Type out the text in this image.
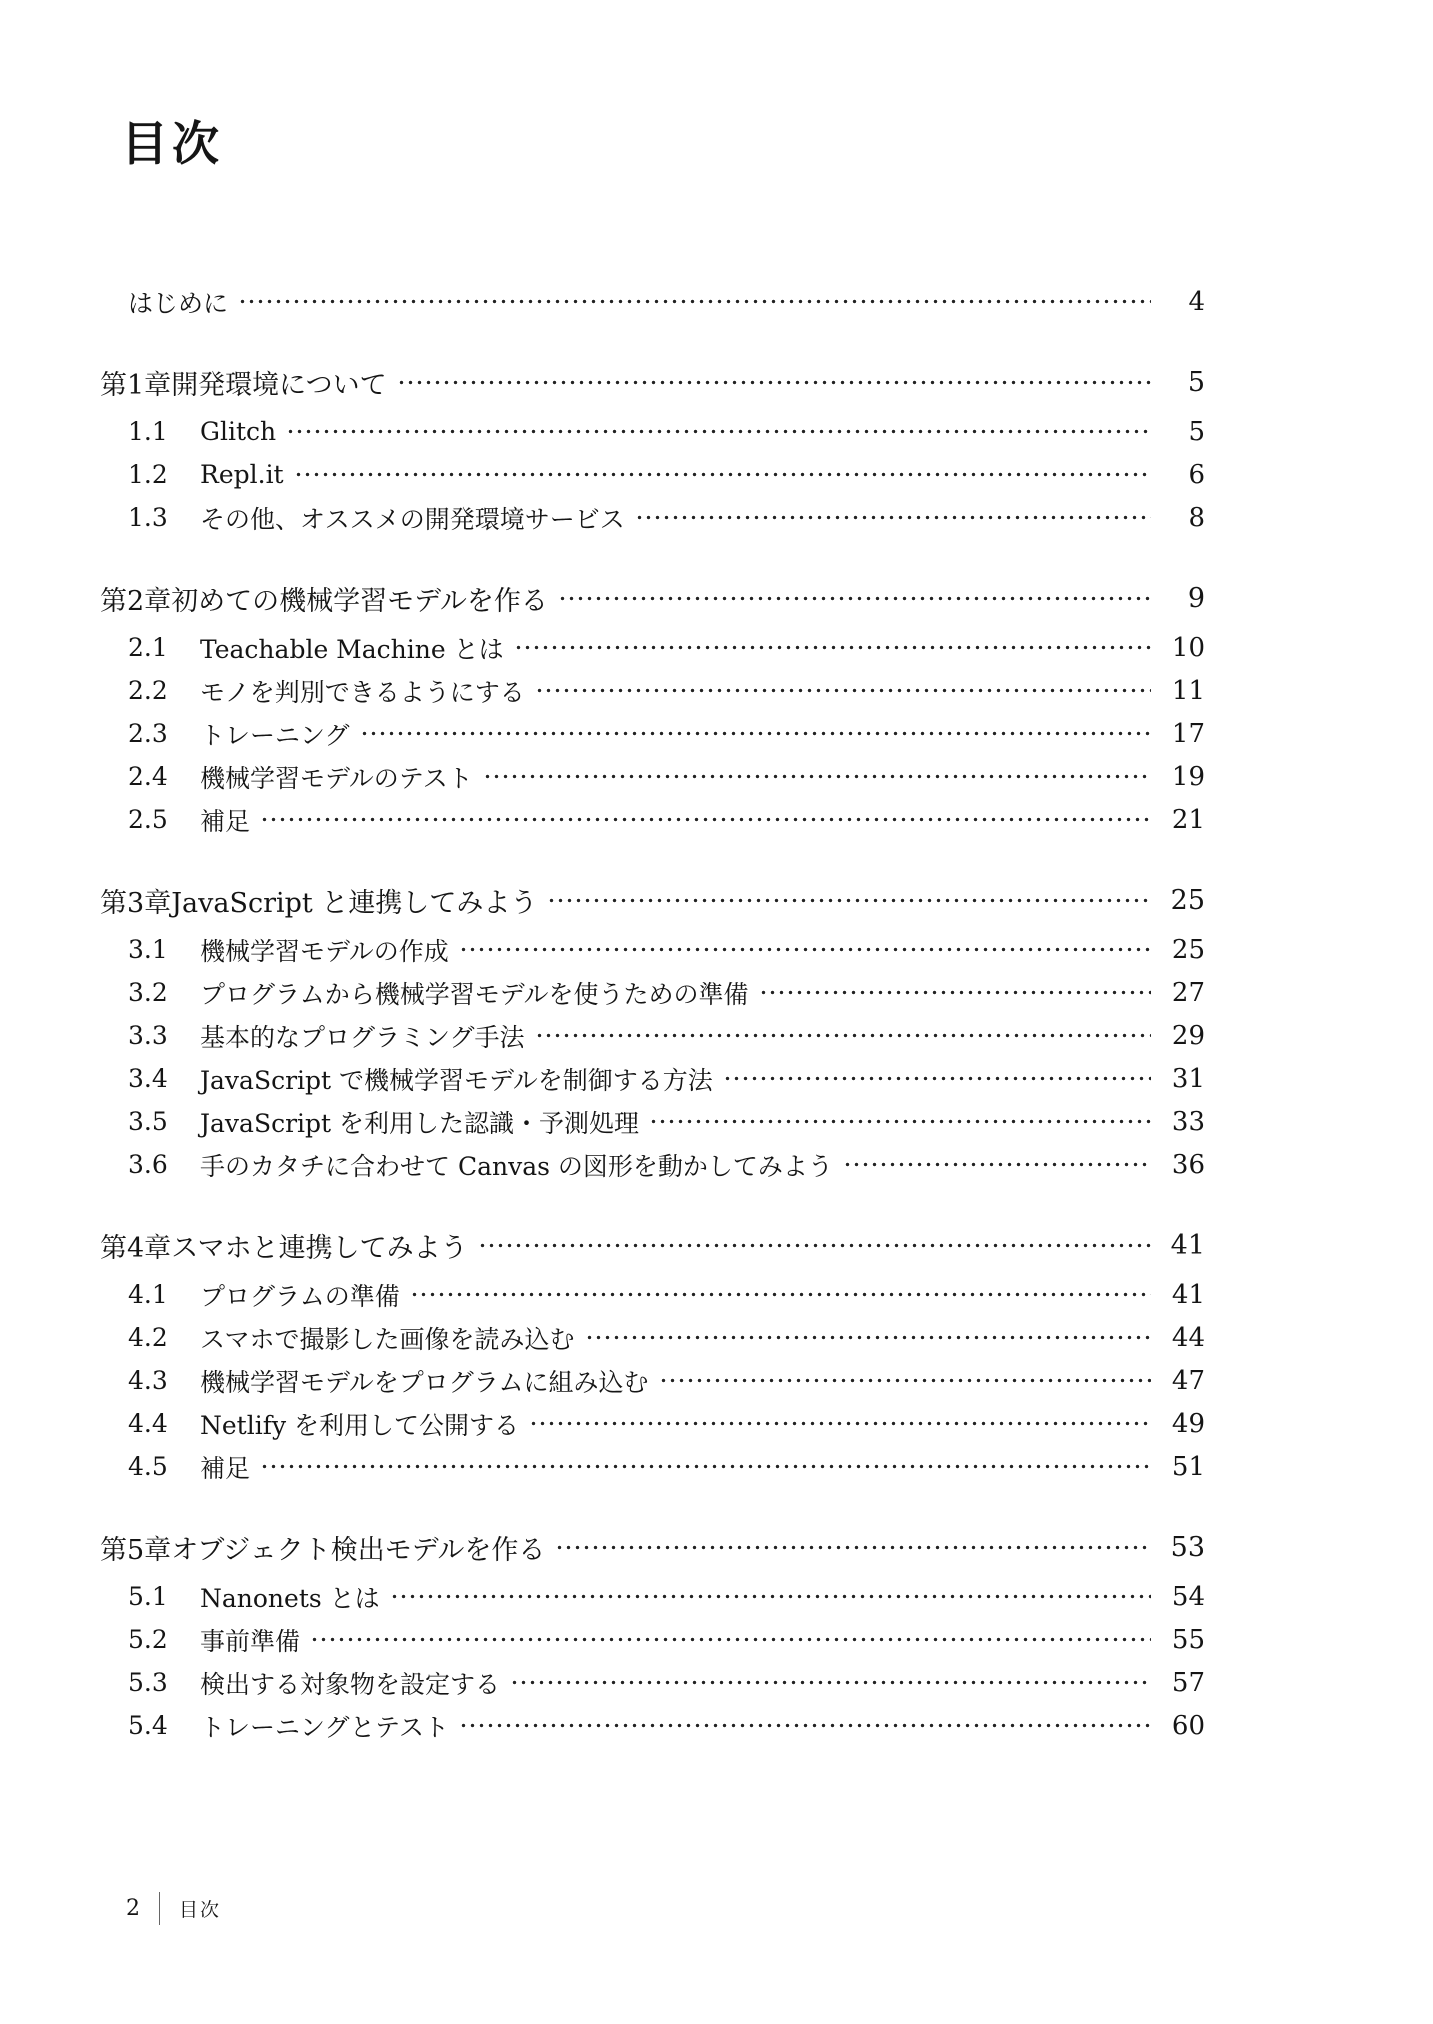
目次
はじめに	4
第1章 開発環境について	5
1.1	Glitch	5
1.2	Repl.it	6
1.3	その他、オススメの開発環境サービス	8
第2章 初めての機械学習モデルを作る	9
2.1	Teachable Machine とは	10
2.2	モノを判別できるようにする	11
2.3	トレーニング	17
2.4	機械学習モデルのテスト	19
2.5	補足	21
第3章 JavaScript と連携してみよう	25
3.1	機械学習モデルの作成	25
3.2	プログラムから機械学習モデルを使うための準備	27
3.3	基本的なプログラミング手法	29
3.4	JavaScript で機械学習モデルを制御する方法	31
3.5	JavaScript を利用した認識・予測処理	33
3.6	手のカタチに合わせて Canvas の図形を動かしてみよう	36
第4章 スマホと連携してみよう	41
4.1	プログラムの準備	41
4.2	スマホで撮影した画像を読み込む	44
4.3	機械学習モデルをプログラムに組み込む	47
4.4	Netlify を利用して公開する	49
4.5	補足	51
第5章 オブジェクト検出モデルを作る	53
5.1	Nanonets とは	54
5.2	事前準備	55
5.3	検出する対象物を設定する	57
5.4	トレーニングとテスト	60
2 目次
